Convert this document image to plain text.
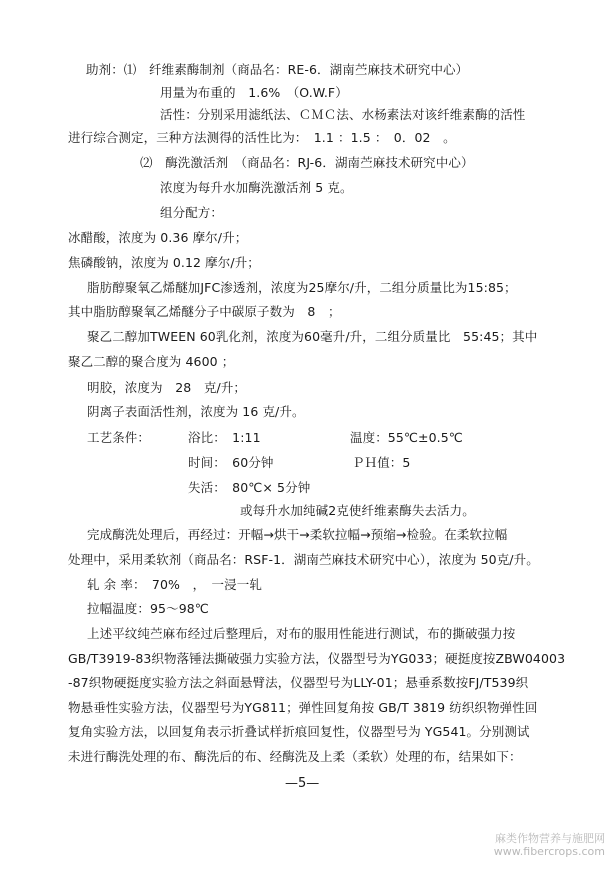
助剂：⑴　纤维素酶制剂（商品名：RE-6．湖南苎麻技术研究中心）
用量为布重的　1.6%　（O.W.F）
活性：分别采用滤纸法、ＣＭＣ法、水杨素法对该纤维素酶的活性
进行综合测定，三种方法测得的活性比为：　1.1 ：1.5 ：　0．02　。
⑵　酶洗激活剂　（商品名：RJ-6．湖南苎麻技术研究中心）
浓度为每升水加酶洗激活剂 5 克。
组分配方：
冰醋酸，浓度为 0.36 摩尔/升；
焦磷酸钠，浓度为 0.12 摩尔/升；
脂肪醇聚氧乙烯醚加JFC渗透剂，浓度为25摩尔/升，二组分质量比为15:85；
其中脂肪醇聚氧乙烯醚分子中碳原子数为　8　；
聚乙二醇加TWEEN 60乳化剂，浓度为60毫升/升，二组分质量比　55:45；其中
聚乙二醇的聚合度为 4600 ；
明胶，浓度为　28　克/升；
阴离子表面活性剂，浓度为 16 克/升。
工艺条件：	浴比：　1:11	温度：55℃±0.5℃
时间：　60分钟	ＰＨ值：5
失活：　80℃× 5分钟
或每升水加纯碱2克使纤维素酶失去活力。
完成酶洗处理后，再经过：开幅→烘干→柔软拉幅→预缩→检验。在柔软拉幅
处理中，采用柔软剂（商品名：RSF-1．湖南苎麻技术研究中心），浓度为 50克/升。
轧 余 率：　70%　，　一浸一轧
拉幅温度：95～98℃
上述平纹纯苎麻布经过后整理后，对布的服用性能进行测试，布的撕破强力按
GB/T3919-83织物落锤法撕破强力实验方法，仪器型号为YG033；硬挺度按ZBW04003
-87织物硬挺度实验方法之斜面悬臂法，仪器型号为LLY-01；悬垂系数按FJ/T539织
物悬垂性实验方法，仪器型号为YG811；弹性回复角按 GB/T 3819 纺织织物弹性回
复角实验方法，以回复角表示折叠试样折痕回复性，仪器型号为 YG541。分别测试
未进行酶洗处理的布、酶洗后的布、经酶洗及上柔（柔软）处理的布，结果如下：
—5—
麻类作物营养与施肥网
www.fibercrops.com
